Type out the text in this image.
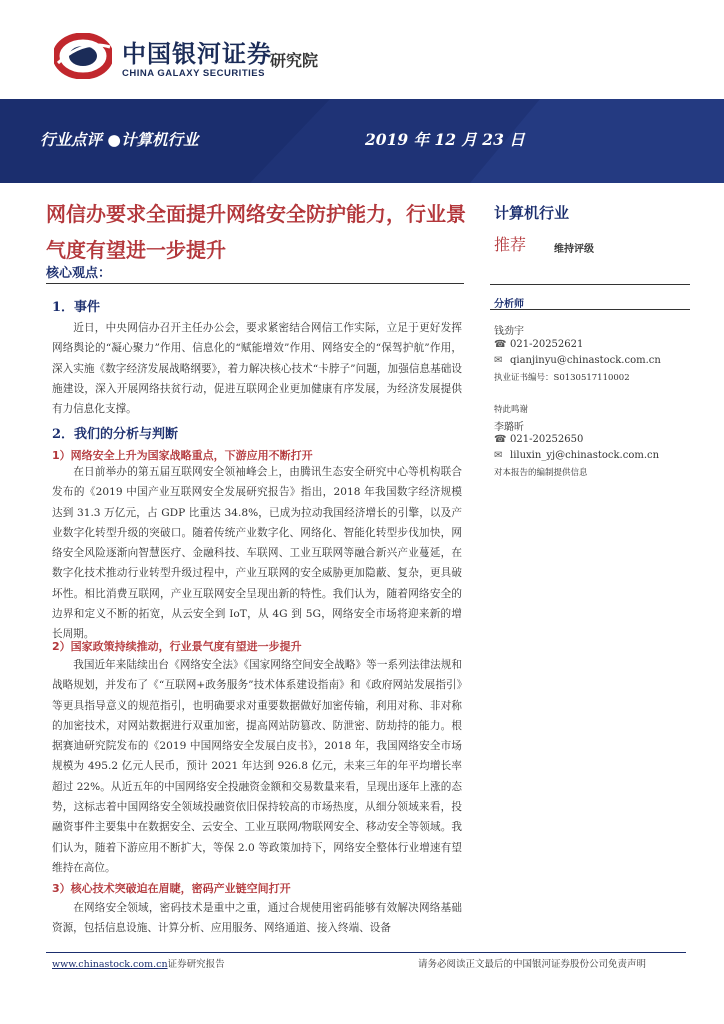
中国银河证券
CHINA GALAXY SECURITIES
研究院
行业点评 ●计算机行业	2019 年 12 月 23 日
网信办要求全面提升网络安全防护能力，行业景气度有望进一步提升
核心观点：
1．事件
近日，中央网信办召开主任办公会，要求紧密结合网信工作实际，立足于更好发挥网络舆论的“凝心聚力”作用、信息化的“赋能增效”作用、网络安全的“保驾护航”作用，深入实施《数字经济发展战略纲要》，着力解决核心技术“卡脖子”问题，加强信息基础设施建设，深入开展网络扶贫行动，促进互联网企业更加健康有序发展，为经济发展提供有力信息化支撑。
2．我们的分析与判断
1）网络安全上升为国家战略重点，下游应用不断打开
在日前举办的第五届互联网安全领袖峰会上，由腾讯生态安全研究中心等机构联合发布的《2019 中国产业互联网安全发展研究报告》指出，2018 年我国数字经济规模达到 31.3 万亿元，占 GDP 比重达 34.8%，已成为拉动我国经济增长的引擎，以及产业数字化转型升级的突破口。随着传统产业数字化、网络化、智能化转型步伐加快，网络安全风险逐渐向智慧医疗、金融科技、车联网、工业互联网等融合新兴产业蔓延，在数字化技术推动行业转型升级过程中，产业互联网的安全威胁更加隐蔽、复杂，更具破坏性。相比消费互联网，产业互联网安全呈现出新的特性。我们认为，随着网络安全的边界和定义不断的拓宽，从云安全到 IoT，从 4G 到 5G，网络安全市场将迎来新的增长周期。
2）国家政策持续推动，行业景气度有望进一步提升
我国近年来陆续出台《网络安全法》《国家网络空间安全战略》等一系列法律法规和战略规划，并发布了《“互联网+政务服务”技术体系建设指南》和《政府网站发展指引》等更具指导意义的规范指引，也明确要求对重要数据做好加密传输，利用对称、非对称的加密技术，对网站数据进行双重加密，提高网站防篡改、防泄密、防劫持的能力。根据赛迪研究院发布的《2019 中国网络安全发展白皮书》，2018 年，我国网络安全市场规模为 495.2 亿元人民币，预计 2021 年达到 926.8 亿元，未来三年的年平均增长率超过 22%。从近五年的中国网络安全投融资金额和交易数量来看，呈现出逐年上涨的态势，这标志着中国网络安全领域投融资依旧保持较高的市场热度，从细分领域来看，投融资事件主要集中在数据安全、云安全、工业互联网/物联网安全、移动安全等领域。我们认为，随着下游应用不断扩大，等保 2.0 等政策加持下，网络安全整体行业增速有望维持在高位。
3）核心技术突破迫在眉睫，密码产业链空间打开
在网络安全领域，密码技术是重中之重，通过合规使用密码能够有效解决网络基础资源，包括信息设施、计算分析、应用服务、网络通道、接入终端、设备
计算机行业
推荐	维持评级
分析师
钱劲宇
☎ 021-20252621
✉ qianjinyu@chinastock.com.cn
执业证书编号：S0130517110002
特此鸣谢
李璐昕
☎ 021-20252650
✉ liluxin_yj@chinastock.com.cn
对本报告的编制提供信息
www.chinastock.com.cn证券研究报告	请务必阅读正文最后的中国银河证券股份公司免责声明
